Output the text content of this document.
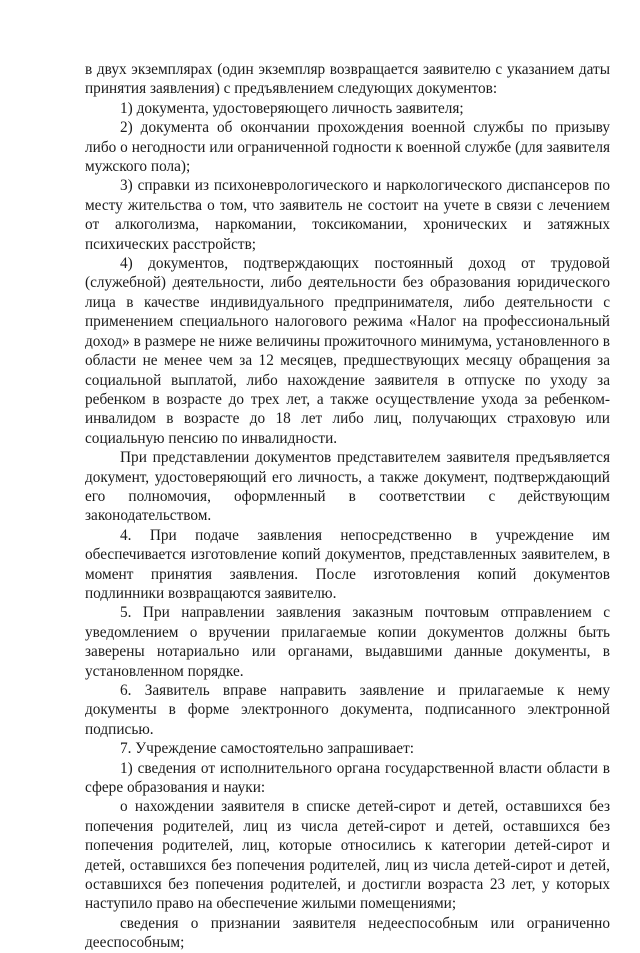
в двух экземплярах (один экземпляр возвращается заявителю с указанием даты принятия заявления) с предъявлением следующих документов:

1) документа, удостоверяющего личность заявителя;

2) документа об окончании прохождения военной службы по призыву либо о негодности или ограниченной годности к военной службе (для заявителя мужского пола);

3) справки из психоневрологического и наркологического диспансеров по месту жительства о том, что заявитель не состоит на учете в связи с лечением от алкоголизма, наркомании, токсикомании, хронических и затяжных психических расстройств;

4) документов, подтверждающих постоянный доход от трудовой (служебной) деятельности, либо деятельности без образования юридического лица в качестве индивидуального предпринимателя, либо деятельности с применением специального налогового режима «Налог на профессиональный доход» в размере не ниже величины прожиточного минимума, установленного в области не менее чем за 12 месяцев, предшествующих месяцу обращения за социальной выплатой, либо нахождение заявителя в отпуске по уходу за ребенком в возрасте до трех лет, а также осуществление ухода за ребенком-инвалидом в возрасте до 18 лет либо лиц, получающих страховую или социальную пенсию по инвалидности.

При представлении документов представителем заявителя предъявляется документ, удостоверяющий его личность, а также документ, подтверждающий его полномочия, оформленный в соответствии с действующим законодательством.

4. При подаче заявления непосредственно в учреждение им обеспечивается изготовление копий документов, представленных заявителем, в момент принятия заявления. После изготовления копий документов подлинники возвращаются заявителю.

5. При направлении заявления заказным почтовым отправлением с уведомлением о вручении прилагаемые копии документов должны быть заверены нотариально или органами, выдавшими данные документы, в установленном порядке.

6. Заявитель вправе направить заявление и прилагаемые к нему документы в форме электронного документа, подписанного электронной подписью.

7. Учреждение самостоятельно запрашивает:

1) сведения от исполнительного органа государственной власти области в сфере образования и науки:

о нахождении заявителя в списке детей-сирот и детей, оставшихся без попечения родителей, лиц из числа детей-сирот и детей, оставшихся без попечения родителей, лиц, которые относились к категории детей-сирот и детей, оставшихся без попечения родителей, лиц из числа детей-сирот и детей, оставшихся без попечения родителей, и достигли возраста 23 лет, у которых наступило право на обеспечение жилыми помещениями;

сведения о признании заявителя недееспособным или ограниченно дееспособным;
